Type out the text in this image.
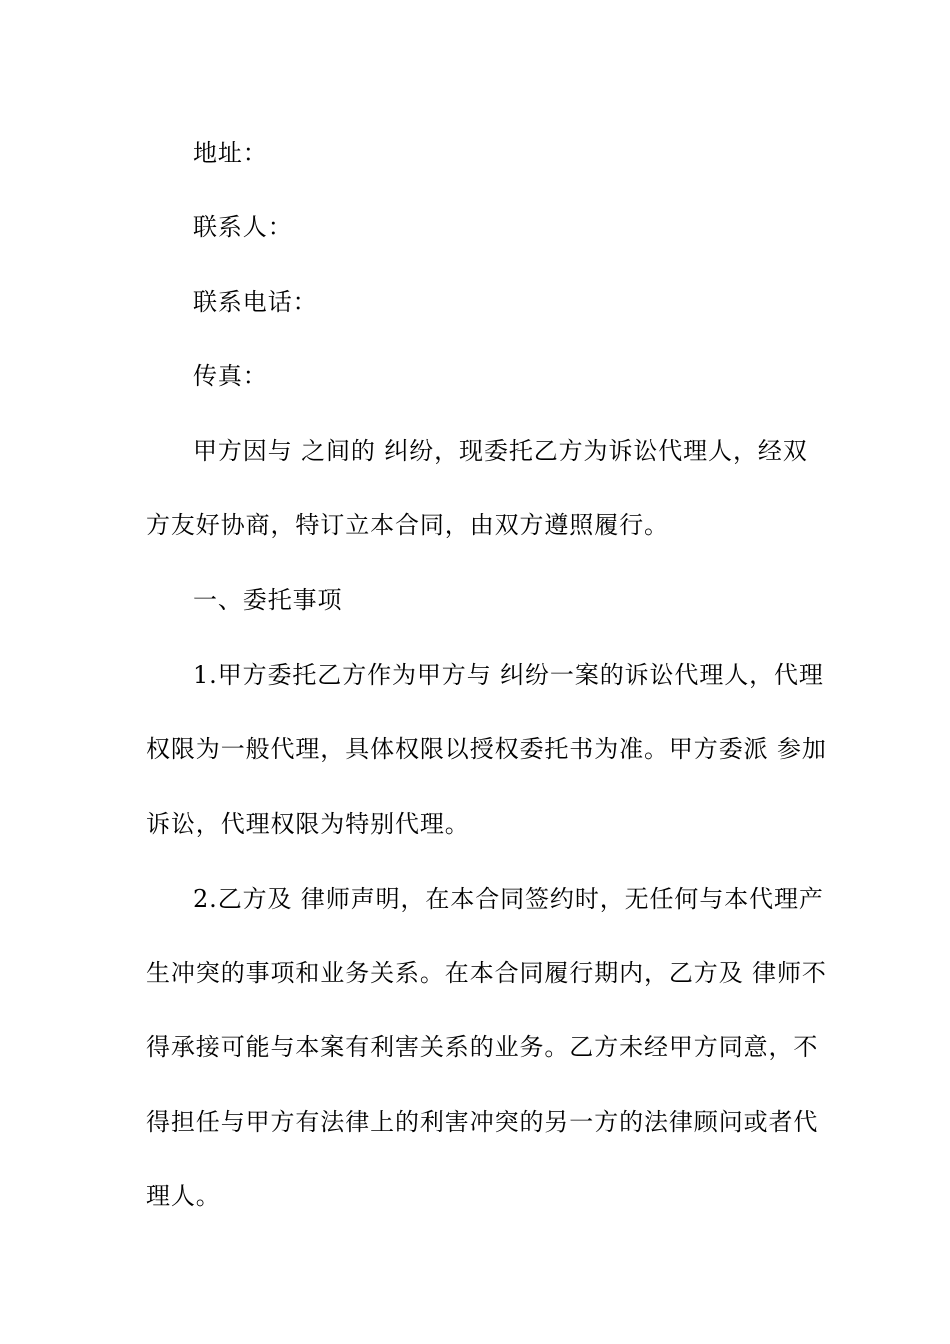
地址：
联系人：
联系电话：
传真：
甲方因与 之间的 纠纷，现委托乙方为诉讼代理人，经双
方友好协商，特订立本合同，由双方遵照履行。
一、委托事项
1.甲方委托乙方作为甲方与 纠纷一案的诉讼代理人，代理
权限为一般代理，具体权限以授权委托书为准。甲方委派 参加
诉讼，代理权限为特别代理。
2.乙方及 律师声明，在本合同签约时，无任何与本代理产
生冲突的事项和业务关系。在本合同履行期内，乙方及 律师不
得承接可能与本案有利害关系的业务。乙方未经甲方同意，不
得担任与甲方有法律上的利害冲突的另一方的法律顾问或者代
理人。
